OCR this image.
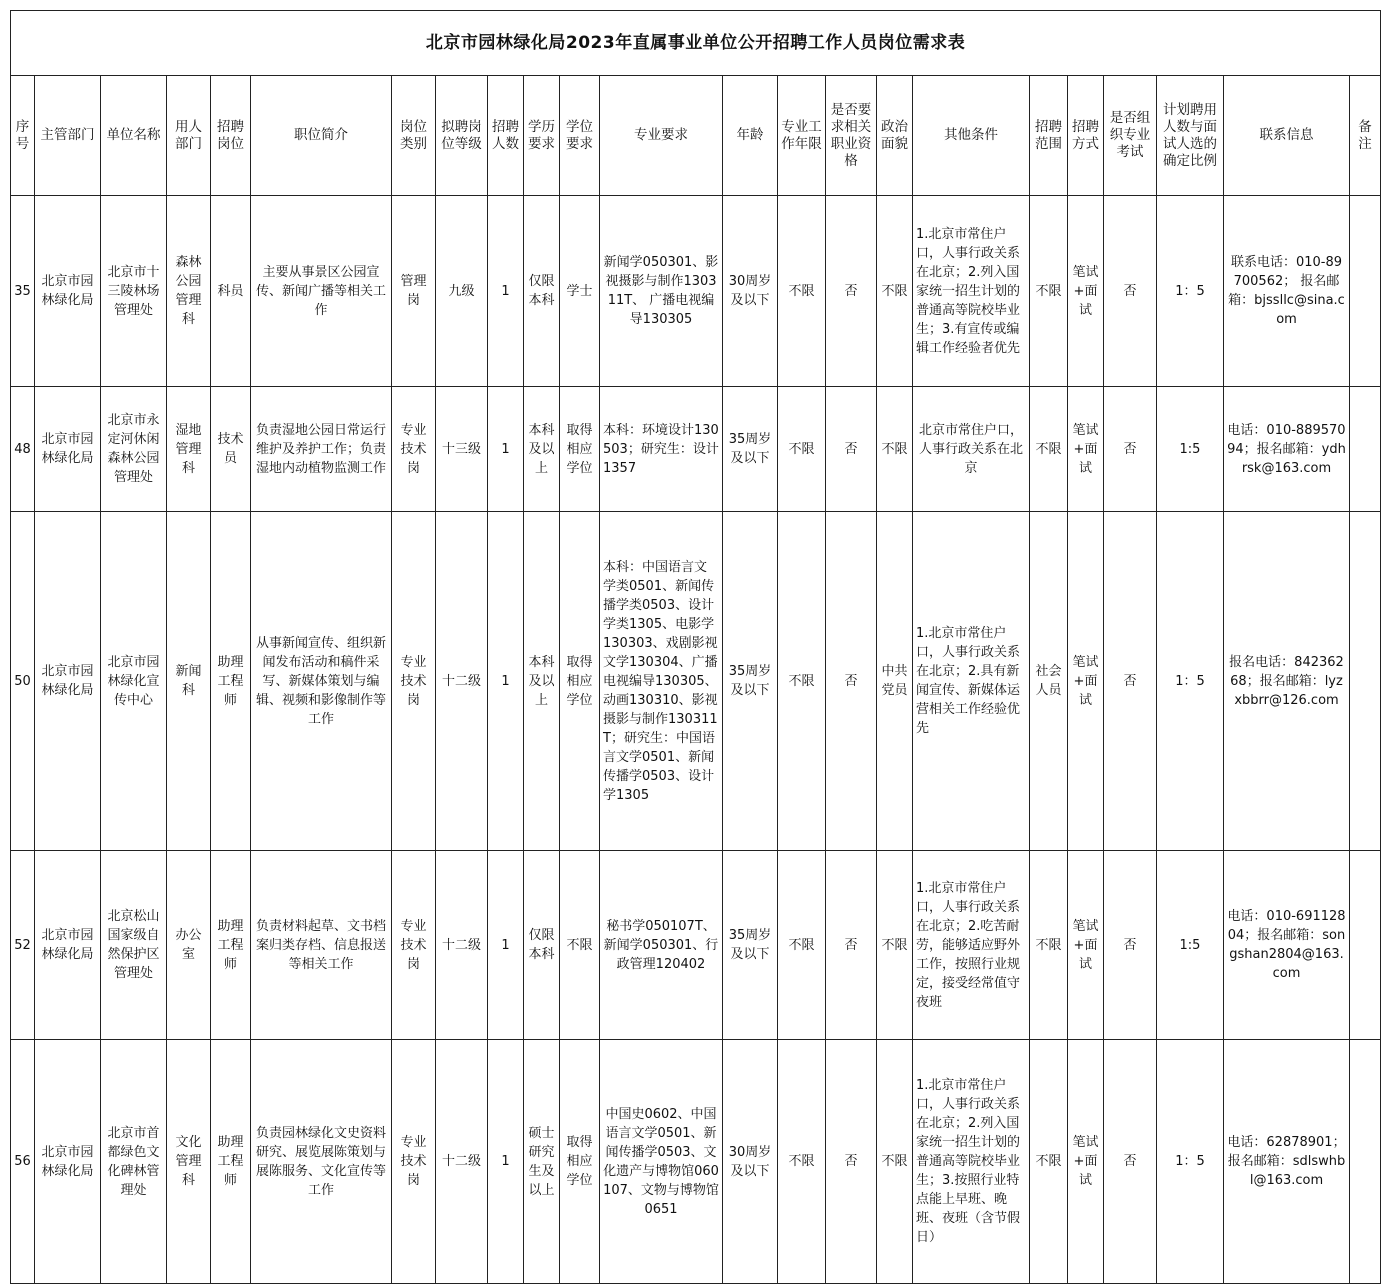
北京市园林绿化局2023年直属事业单位公开招聘工作人员岗位需求表																						
序号	主管部门	单位名称	用人部门	招聘岗位	职位简介	岗位类别	拟聘岗位等级	招聘人数	学历要求	学位要求	专业要求	年龄	专业工作年限	是否要求相关职业资格	政治面貌	其他条件	招聘范围	招聘方式	是否组织专业考试	计划聘用人数与面试人选的确定比例	联系信息	备注
35	北京市园林绿化局	北京市十三陵林场管理处	森林公园管理科	科员	主要从事景区公园宣传、新闻广播等相关工作	管理岗	九级	1	仅限本科	学士	新闻学050301、影视摄影与制作130311T、 广播电视编导130305	30周岁及以下	不限	否	不限	1.北京市常住户口，人事行政关系在北京；2.列入国家统一招生计划的普通高等院校毕业生；3.有宣传或编辑工作经验者优先	不限	笔试+面试	否	1：5	联系电话：010-89700562； 报名邮箱：bjssllc@sina.com	
48	北京市园林绿化局	北京市永定河休闲森林公园管理处	湿地管理科	技术员	负责湿地公园日常运行维护及养护工作；负责湿地内动植物监测工作	专业技术岗	十三级	1	本科及以上	取得相应学位	本科：环境设计130503；研究生：设计1357	35周岁及以下	不限	否	不限	北京市常住户口，人事行政关系在北京	不限	笔试+面试	否	1:5	电话：010-88957094；报名邮箱：ydhrsk@163.com	
50	北京市园林绿化局	北京市园林绿化宣传中心	新闻科	助理工程师	从事新闻宣传、组织新闻发布活动和稿件采写、新媒体策划与编辑、视频和影像制作等工作	专业技术岗	十二级	1	本科及以上	取得相应学位	本科：中国语言文学类0501、新闻传播学类0503、设计学类1305、电影学130303、戏剧影视文学130304、广播电视编导130305、动画130310、影视摄影与制作130311T；研究生：中国语言文学0501、新闻传播学0503、设计学1305	35周岁及以下	不限	否	中共党员	1.北京市常住户口，人事行政关系在北京；2.具有新闻宣传、新媒体运营相关工作经验优先	社会人员	笔试+面试	否	1：5	报名电话：84236268；报名邮箱：lyzxbbrr@126.com	
52	北京市园林绿化局	北京松山国家级自然保护区管理处	办公室	助理工程师	负责材料起草、文书档案归类存档、信息报送等相关工作	专业技术岗	十二级	1	仅限本科	不限	秘书学050107T、新闻学050301、行政管理120402	35周岁及以下	不限	否	不限	1.北京市常住户口，人事行政关系在北京；2.吃苦耐劳，能够适应野外工作，按照行业规定，接受经常值守夜班	不限	笔试+面试	否	1:5	电话：010-69112804；报名邮箱：songshan2804@163.com	
56	北京市园林绿化局	北京市首都绿色文化碑林管理处	文化管理科	助理工程师	负责园林绿化文史资料研究、展览展陈策划与展陈服务、文化宣传等工作	专业技术岗	十二级	1	硕士研究生及以上	取得相应学位	中国史0602、中国语言文学0501、新闻传播学0503、文化遗产与博物馆060107、文物与博物馆0651	30周岁及以下	不限	否	不限	1.北京市常住户口，人事行政关系在北京；2.列入国家统一招生计划的普通高等院校毕业生；3.按照行业特点能上早班、晚班、夜班（含节假日）	不限	笔试+面试	否	1：5	电话：62878901；报名邮箱：sdlswhbl@163.com	
